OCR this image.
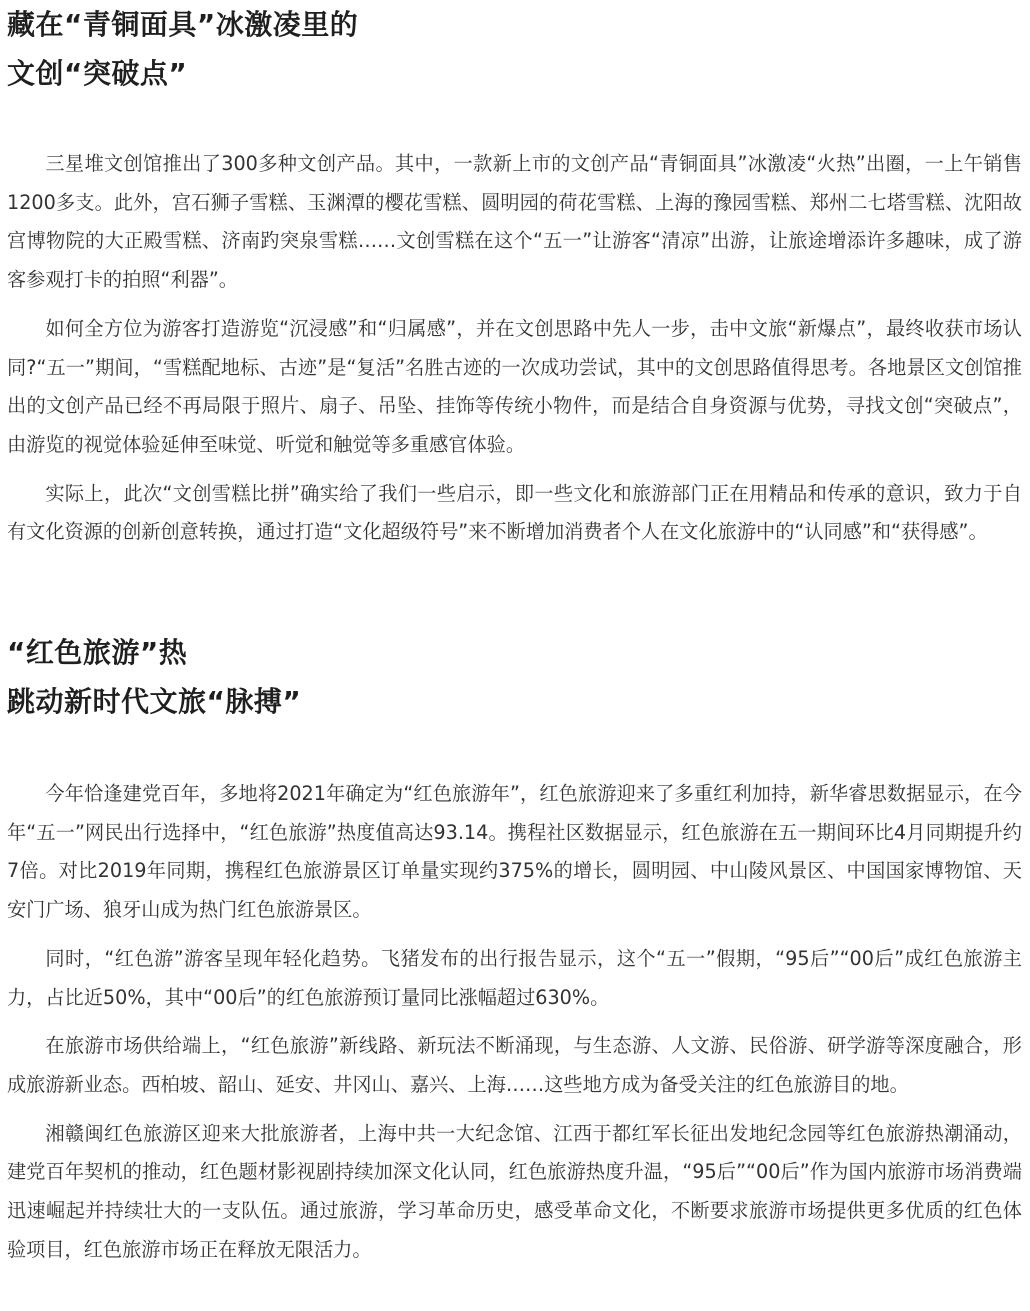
藏在“青铜面具”冰激凌里的
文创“突破点”

三星堆文创馆推出了300多种文创产品。其中，一款新上市的文创产品“青铜面具”冰激凌“火热”出圈，一上午销售1200多支。此外，宫石狮子雪糕、玉渊潭的樱花雪糕、圆明园的荷花雪糕、上海的豫园雪糕、郑州二七塔雪糕、沈阳故宫博物院的大正殿雪糕、济南趵突泉雪糕……文创雪糕在这个“五一”让游客“清凉”出游，让旅途增添许多趣味，成了游客参观打卡的拍照“利器”。

如何全方位为游客打造游览“沉浸感”和“归属感”，并在文创思路中先人一步，击中文旅“新爆点”，最终收获市场认同?“五一”期间，“雪糕配地标、古迹”是“复活”名胜古迹的一次成功尝试，其中的文创思路值得思考。各地景区文创馆推出的文创产品已经不再局限于照片、扇子、吊坠、挂饰等传统小物件，而是结合自身资源与优势，寻找文创“突破点”，由游览的视觉体验延伸至味觉、听觉和触觉等多重感官体验。

实际上，此次“文创雪糕比拼”确实给了我们一些启示，即一些文化和旅游部门正在用精品和传承的意识，致力于自有文化资源的创新创意转换，通过打造“文化超级符号”来不断增加消费者个人在文化旅游中的“认同感”和“获得感”。

“红色旅游”热
跳动新时代文旅“脉搏”

今年恰逢建党百年，多地将2021年确定为“红色旅游年”，红色旅游迎来了多重红利加持，新华睿思数据显示，在今年“五一”网民出行选择中，“红色旅游”热度值高达93.14。携程社区数据显示，红色旅游在五一期间环比4月同期提升约7倍。对比2019年同期，携程红色旅游景区订单量实现约375%的增长，圆明园、中山陵风景区、中国国家博物馆、天安门广场、狼牙山成为热门红色旅游景区。

同时，“红色游”游客呈现年轻化趋势。飞猪发布的出行报告显示，这个“五一”假期，“95后”“00后”成红色旅游主力，占比近50%，其中“00后”的红色旅游预订量同比涨幅超过630%。

在旅游市场供给端上，“红色旅游”新线路、新玩法不断涌现，与生态游、人文游、民俗游、研学游等深度融合，形成旅游新业态。西柏坡、韶山、延安、井冈山、嘉兴、上海……这些地方成为备受关注的红色旅游目的地。

湘赣闽红色旅游区迎来大批旅游者，上海中共一大纪念馆、江西于都红军长征出发地纪念园等红色旅游热潮涌动，建党百年契机的推动，红色题材影视剧持续加深文化认同，红色旅游热度升温，“95后”“00后”作为国内旅游市场消费端迅速崛起并持续壮大的一支队伍。通过旅游，学习革命历史，感受革命文化，不断要求旅游市场提供更多优质的红色体验项目，红色旅游市场正在释放无限活力。
